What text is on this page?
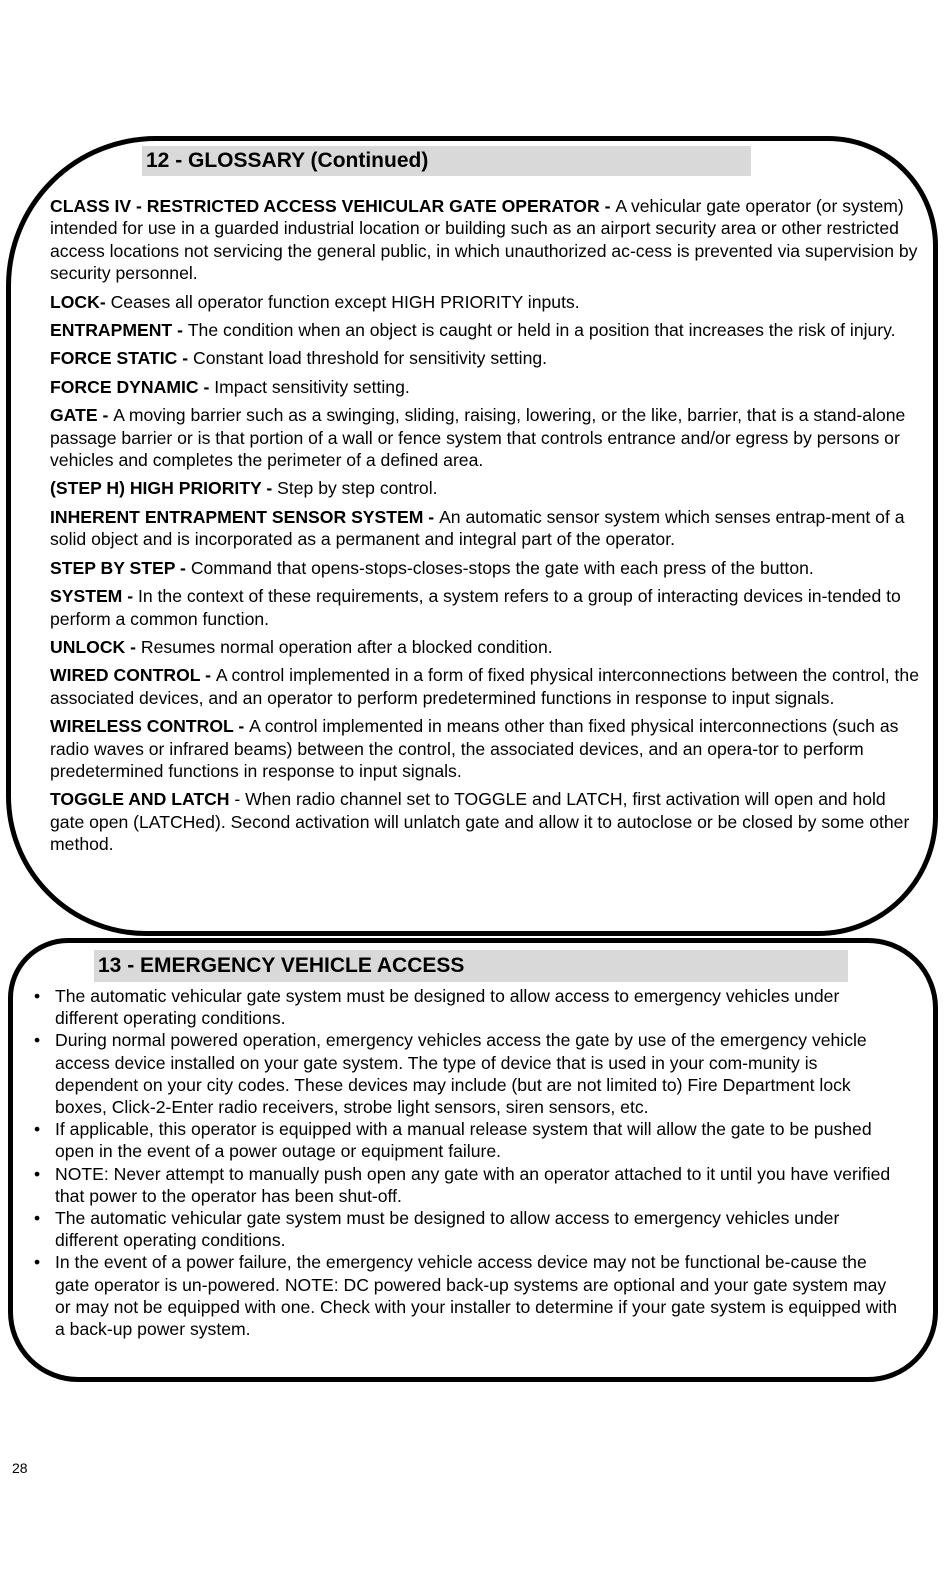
12 - GLOSSARY (Continued)
CLASS IV - RESTRICTED ACCESS VEHICULAR GATE OPERATOR - A vehicular gate operator (or system) intended for use in a guarded industrial location or building such as an airport security area or other restricted access locations not servicing the general public, in which unauthorized ac-cess is prevented via supervision by security personnel.
LOCK- Ceases all operator function except HIGH PRIORITY inputs.
ENTRAPMENT - The condition when an object is caught or held in a position that increases the risk of injury.
FORCE STATIC - Constant load threshold for sensitivity setting.
FORCE DYNAMIC - Impact sensitivity setting.
GATE - A moving barrier such as a swinging, sliding, raising, lowering, or the like, barrier, that is a stand-alone passage barrier or is that portion of a wall or fence system that controls entrance and/or egress by persons or vehicles and completes the perimeter of a defined area.
(STEP H) HIGH PRIORITY - Step by step control.
INHERENT ENTRAPMENT SENSOR SYSTEM - An automatic sensor system which senses entrap-ment of a solid object and is incorporated as a permanent and integral part of the operator.
STEP BY STEP - Command that opens-stops-closes-stops the gate with each press of the button.
SYSTEM - In the context of these requirements, a system refers to a group of interacting devices in-tended to perform a common function.
UNLOCK - Resumes normal operation after a blocked condition.
WIRED CONTROL - A control implemented in a form of fixed physical interconnections between the control, the associated devices, and an operator to perform predetermined functions in response to input signals.
WIRELESS CONTROL - A control implemented in means other than fixed physical interconnections (such as radio waves or infrared beams) between the control, the associated devices, and an opera-tor to perform predetermined functions in response to input signals.
TOGGLE AND LATCH - When radio channel set to TOGGLE and LATCH, first activation will open and hold gate open (LATCHed). Second activation will unlatch gate and allow it to autoclose or be closed by some other method.
13 - EMERGENCY VEHICLE ACCESS
• The automatic vehicular gate system must be designed to allow access to emergency vehicles under different operating conditions.
• During normal powered operation, emergency vehicles access the gate by use of the emergency vehicle access device installed on your gate system. The type of device that is used in your com-munity is dependent on your city codes. These devices may include (but are not limited to) Fire Department lock boxes, Click-2-Enter radio receivers, strobe light sensors, siren sensors, etc.
• If applicable, this operator is equipped with a manual release system that will allow the gate to be pushed open in the event of a power outage or equipment failure.
• NOTE: Never attempt to manually push open any gate with an operator attached to it until you have verified that power to the operator has been shut-off.
• The automatic vehicular gate system must be designed to allow access to emergency vehicles under different operating conditions.
• In the event of a power failure, the emergency vehicle access device may not be functional be-cause the gate operator is un-powered. NOTE: DC powered back-up systems are optional and your gate system may or may not be equipped with one. Check with your installer to determine if your gate system is equipped with a back-up power system.
28
